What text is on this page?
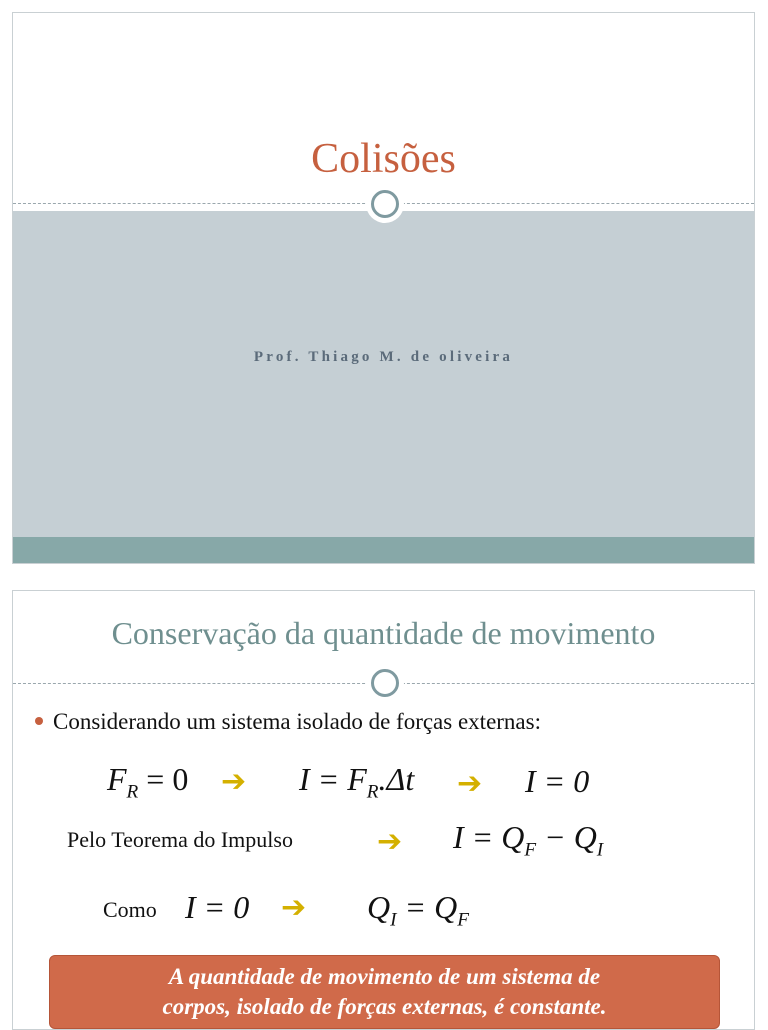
Colisões
Prof. Thiago M. de oliveira
Conservação da quantidade de movimento
Considerando um sistema isolado de forças externas:
$F_R = 0$ ➔ $I = F_R.\Delta t$ ➔ I = 0
Pelo Teorema do Impulso	➔ $I = Q_F - Q_I$
Como I = 0 ➔ $Q_I = Q_F$
A quantidade de movimento de um sistema de
corpos, isolado de forças externas, é constante.
